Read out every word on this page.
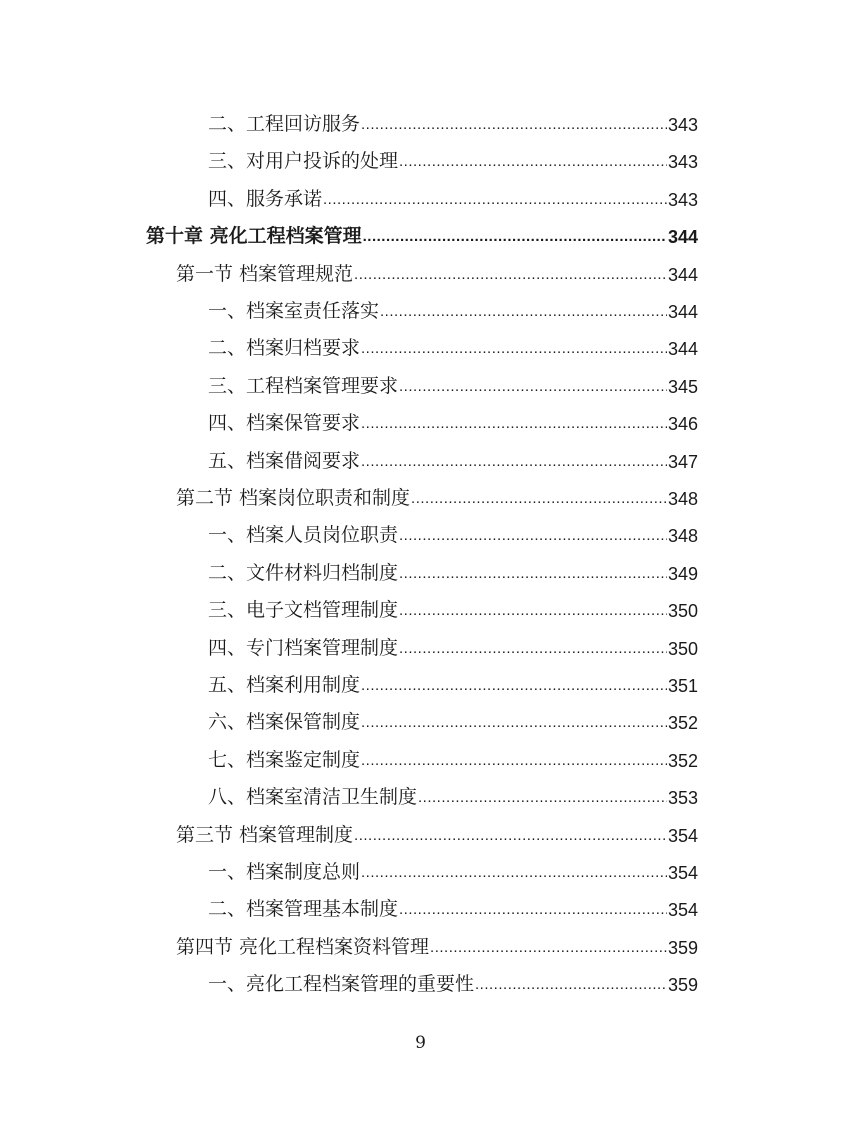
二、工程回访服务 .....	343
三、对用户投诉的处理 .....	343
四、服务承诺 .....	343
第十章 亮化工程档案管理 .....	344
第一节 档案管理规范 .....	344
一、档案室责任落实 .....	344
二、档案归档要求 .....	344
三、工程档案管理要求 .....	345
四、档案保管要求 .....	346
五、档案借阅要求 .....	347
第二节 档案岗位职责和制度 .....	348
一、档案人员岗位职责 .....	348
二、文件材料归档制度 .....	349
三、电子文档管理制度 .....	350
四、专门档案管理制度 .....	350
五、档案利用制度 .....	351
六、档案保管制度 .....	352
七、档案鉴定制度 .....	352
八、档案室清洁卫生制度 .....	353
第三节 档案管理制度 .....	354
一、档案制度总则 .....	354
二、档案管理基本制度 .....	354
第四节 亮化工程档案资料管理 .....	359
一、亮化工程档案管理的重要性 .....	359
9
